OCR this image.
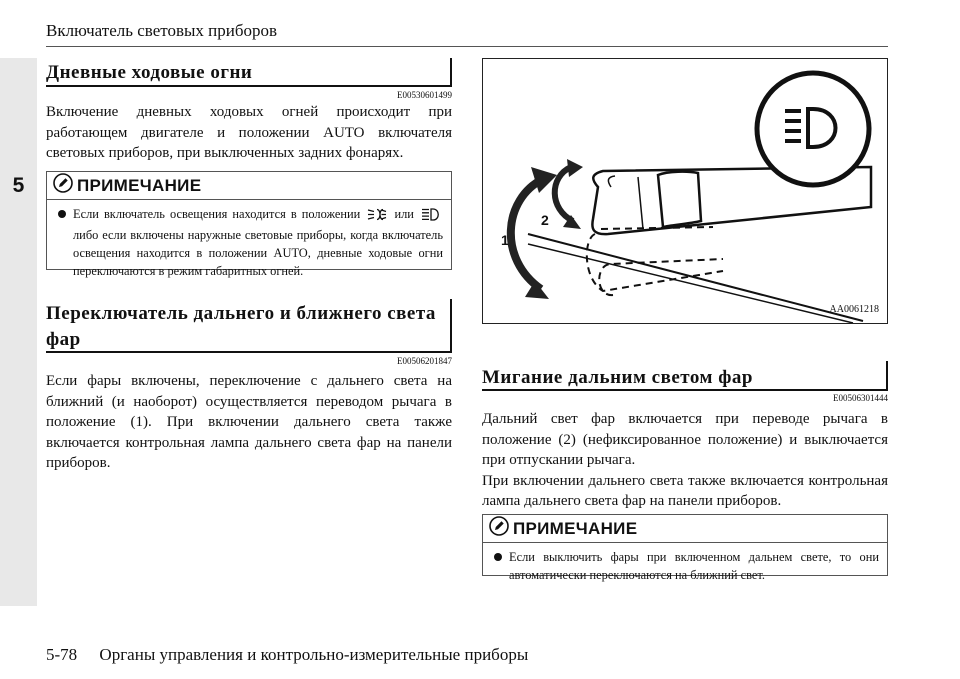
5
Включатель световых приборов
Дневные ходовые огни
E00530601499
Включение дневных ходовых огней происходит при работающем двигателе и положении AUTO включателя световых приборов, при выключенных задних фонарях.
ПРИМЕЧАНИЕ
Если включатель освещения находится в положении	или  либо если включены наружные световые приборы, когда включатель освещения находится в положении AUTO, дневные ходовые огни переключаются в режим габаритных огней.
Переключатель дальнего и ближнего света фар
E00506201847
Если фары включены, переключение с дальнего света на ближний (и наоборот) осуществляется переводом рычага в положение (1). При включении дальнего света также включается контрольная лампа дальнего света фар на панели приборов.
1
2
AA0061218
Мигание дальним светом фар
E00506301444
Дальний свет фар включается при переводе рычага в положение (2) (нефиксированное положение) и выключается при отпускании рычага.
При включении дальнего света также включается контрольная лампа дальнего света фар на панели приборов.
ПРИМЕЧАНИЕ
Если выключить фары при включенном дальнем свете, то они автоматически переключаются на ближний свет.
5-78 Органы управления и контрольно-измерительные приборы
